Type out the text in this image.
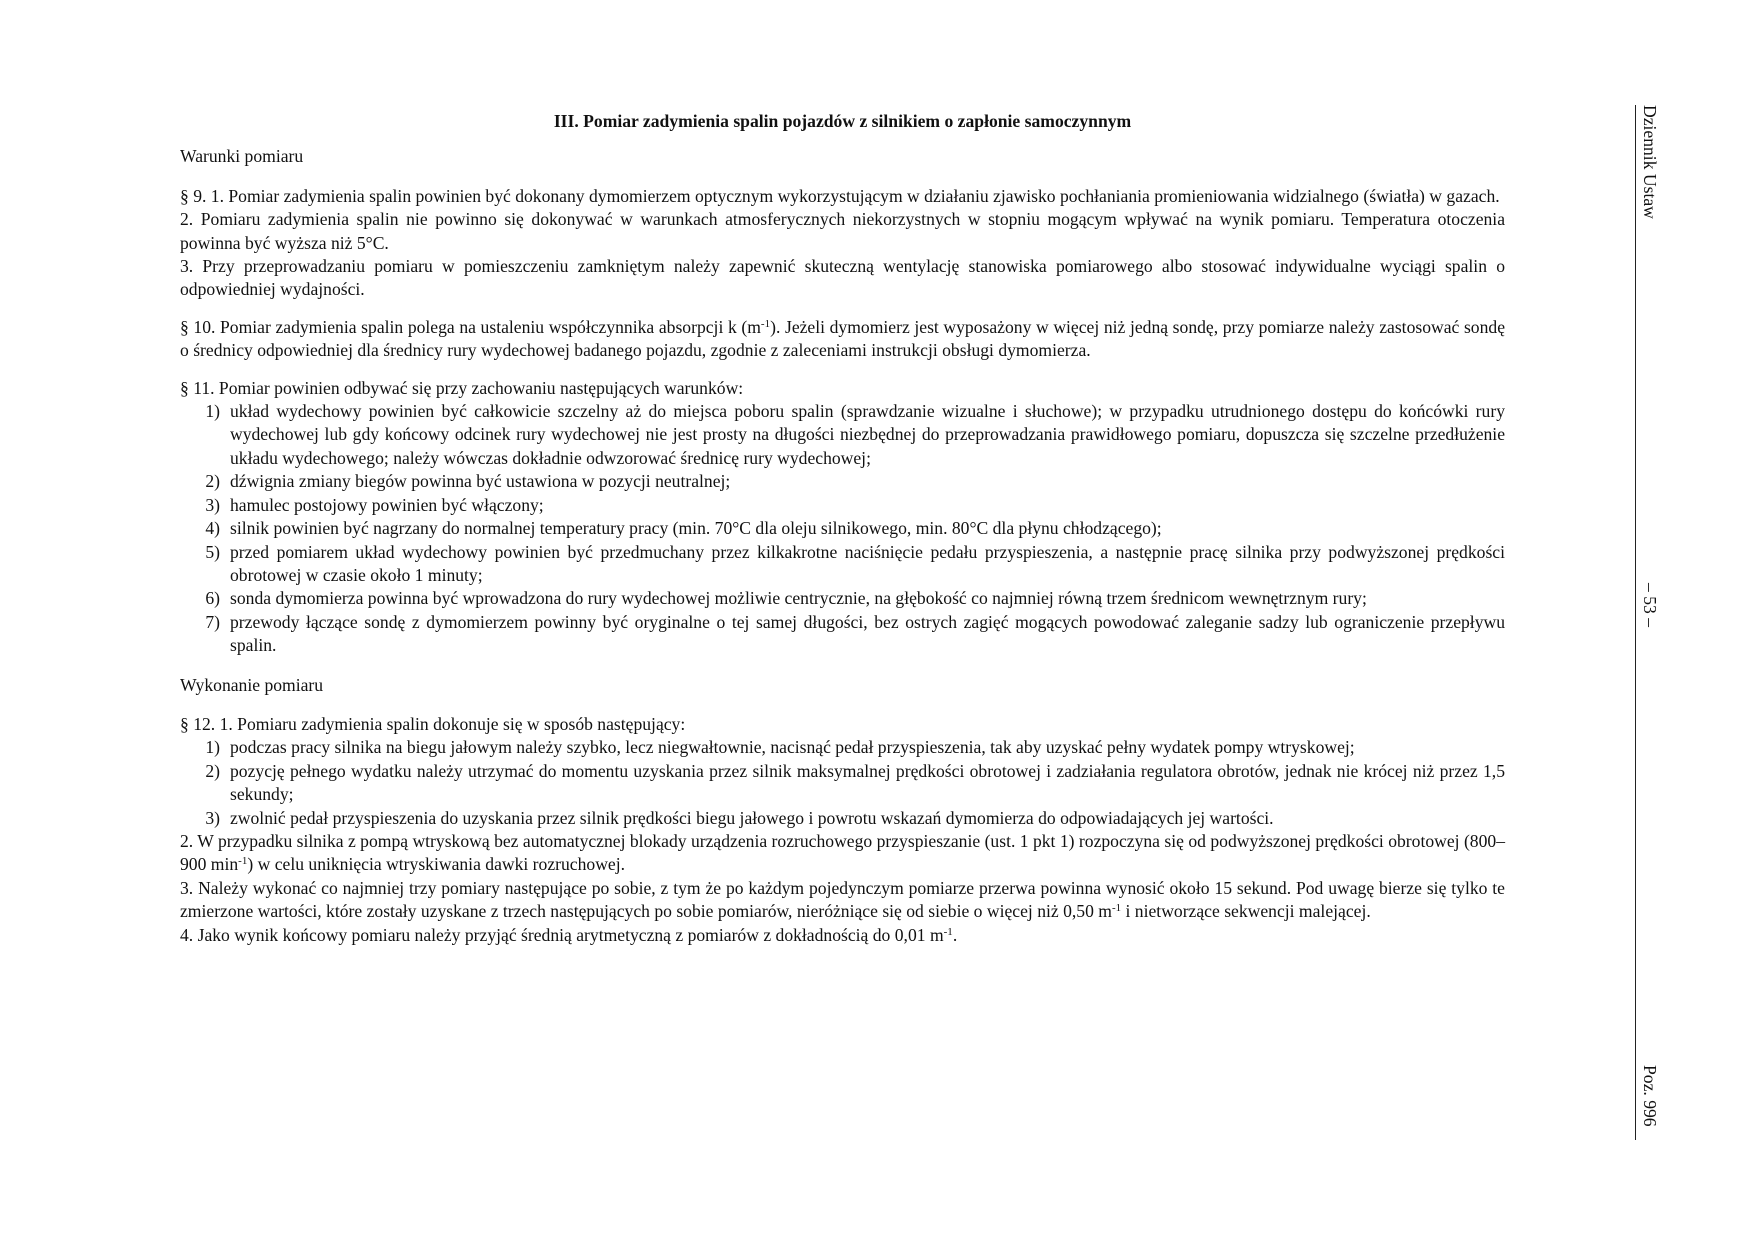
III. Pomiar zadymienia spalin pojazdów z silnikiem o zapłonie samoczynnym
Warunki pomiaru

§ 9. 1. Pomiar zadymienia spalin powinien być dokonany dymomierzem optycznym wykorzystującym w działaniu zjawisko pochłaniania promieniowania widzialnego (światła) w gazach.

2. Pomiaru zadymienia spalin nie powinno się dokonywać w warunkach atmosferycznych niekorzystnych w stopniu mogącym wpływać na wynik pomiaru. Temperatura otoczenia powinna być wyższa niż 5°C.

3. Przy przeprowadzaniu pomiaru w pomieszczeniu zamkniętym należy zapewnić skuteczną wentylację stanowiska pomiarowego albo stosować indywidualne wyciągi spalin o odpowiedniej wydajności.

§ 10. Pomiar zadymienia spalin polega na ustaleniu współczynnika absorpcji k $(m^{-1})$. Jeżeli dymomierz jest wyposażony w więcej niż jedną sondę, przy pomiarze należy zastosować sondę o średnicy odpowiedniej dla średnicy rury wydechowej badanego pojazdu, zgodnie z zaleceniami instrukcji obsługi dymomierza.

§ 11. Pomiar powinien odbywać się przy zachowaniu następujących warunków:

1) układ wydechowy powinien być całkowicie szczelny aż do miejsca poboru spalin (sprawdzanie wizualne i słuchowe); w przypadku utrudnionego dostępu do końcówki rury wydechowej lub gdy końcowy odcinek rury wydechowej nie jest prosty na długości niezbędnej do przeprowadzania prawidłowego pomiaru, dopuszcza się szczelne przedłużenie układu wydechowego; należy wówczas dokładnie odwzorować średnicę rury wydechowej;
2) dźwignia zmiany biegów powinna być ustawiona w pozycji neutralnej;
3) hamulec postojowy powinien być włączony;
4) silnik powinien być nagrzany do normalnej temperatury pracy (min. 70°C dla oleju silnikowego, min. 80°C dla płynu chłodzącego);
5) przed pomiarem układ wydechowy powinien być przedmuchany przez kilkakrotne naciśnięcie pedału przyspieszenia, a następnie pracę silnika przy podwyższonej prędkości obrotowej w czasie około 1 minuty;
6) sonda dymomierza powinna być wprowadzona do rury wydechowej możliwie centrycznie, na głębokość co najmniej równą trzem średnicom wewnętrznym rury;
7) przewody łączące sondę z dymomierzem powinny być oryginalne o tej samej długości, bez ostrych zagięć mogących powodować zaleganie sadzy lub ograniczenie przepływu spalin.
Wykonanie pomiaru

§ 12. 1. Pomiaru zadymienia spalin dokonuje się w sposób następujący:

1) podczas pracy silnika na biegu jałowym należy szybko, lecz niegwałtownie, nacisnąć pedał przyspieszenia, tak aby uzyskać pełny wydatek pompy wtryskowej;
2) pozycję pełnego wydatku należy utrzymać do momentu uzyskania przez silnik maksymalnej prędkości obrotowej i zadziałania regulatora obrotów, jednak nie krócej niż przez 1,5 sekundy;
3) zwolnić pedał przyspieszenia do uzyskania przez silnik prędkości biegu jałowego i powrotu wskazań dymomierza do odpowiadających jej wartości.

2. W przypadku silnika z pompą wtryskową bez automatycznej blokady urządzenia rozruchowego przyspieszanie (ust. 1 pkt 1) rozpoczyna się od podwyższonej prędkości obrotowej (800–900 $\min^{-1}$) w celu uniknięcia wtryskiwania dawki rozruchowej.

3. Należy wykonać co najmniej trzy pomiary następujące po sobie, z tym że po każdym pojedynczym pomiarze przerwa powinna wynosić około 15 sekund. Pod uwagę bierze się tylko te zmierzone wartości, które zostały uzyskane z trzech następujących po sobie pomiarów, nieróżniące się od siebie o więcej niż 0,50 $m^{-1}$ i nietworzące sekwencji malejącej.

4. Jako wynik końcowy pomiaru należy przyjąć średnią arytmetyczną z pomiarów z dokładnością do 0,01 $m^{-1}$.

Dziennik Ustaw
– 53 –
Poz. 996
